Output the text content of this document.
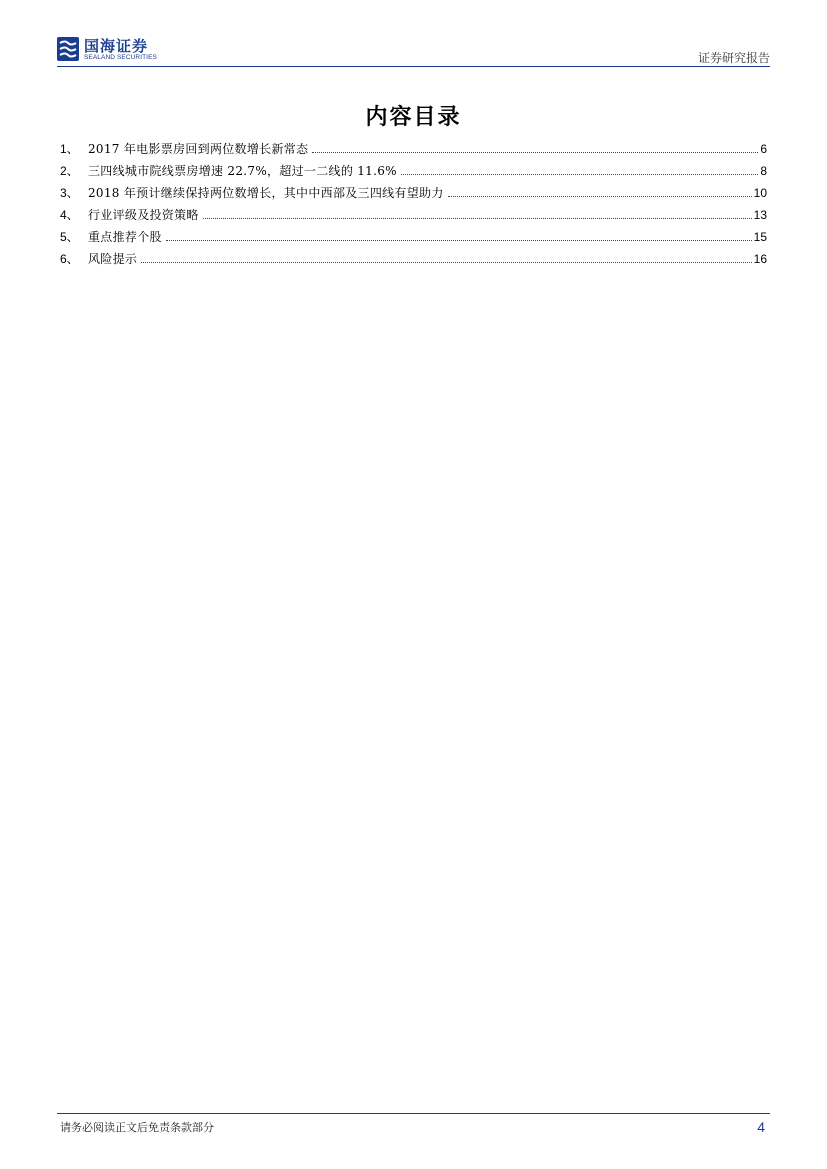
国海证券
SEALAND SECURITIES	证券研究报告
内容目录
1、 2017 年电影票房回到两位数增长新常态	6
2、 三四线城市院线票房增速 22.7%，超过一二线的 11.6%	8
3、 2018 年预计继续保持两位数增长，其中中西部及三四线有望助力	10
4、 行业评级及投资策略	13
5、 重点推荐个股	15
6、 风险提示	16
请务必阅读正文后免责条款部分	4
